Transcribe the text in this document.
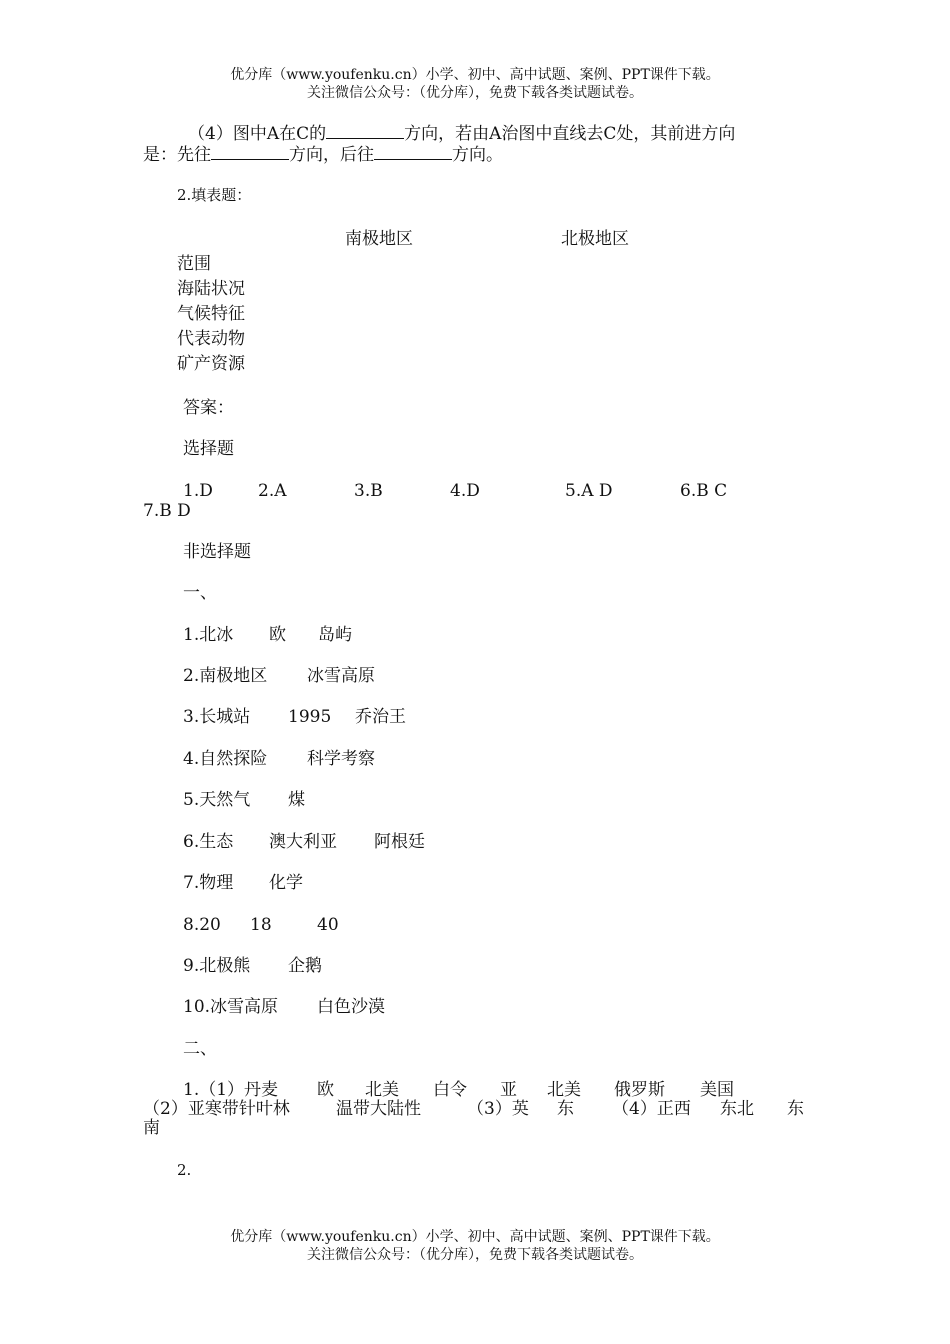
优分库（www.youfenku.cn）小学、初中、高中试题、案例、PPT课件下载。
关注微信公众号：（优分库），免费下载各类试题试卷。
（4）图中A在C的	方向，若由A治图中直线去C处，其前进方向
是：先往	方向，后往	方向。
2.填表题：
南极地区	北极地区
范围
海陆状况
气候特征
代表动物
矿产资源
答案：
选择题
1.D	2.A	3.B	4.D	5.A D	6.B C
7.B D
非选择题
一、
1.北冰 欧 岛屿
2.南极地区 冰雪高原
3.长城站 1995 乔治王
4.自然探险 科学考察
5.天然气 煤
6.生态 澳大利亚 阿根廷
7.物理 化学
8.20 18	40
9.北极熊 企鹅
10.冰雪高原 白色沙漠
二、
1.（1）丹麦 欧 北美 白令 亚 北美 俄罗斯 美国
（2）亚寒带针叶林	温带大陆性	（3）英 东 （4）正西 东北 东
南
2.
优分库（www.youfenku.cn）小学、初中、高中试题、案例、PPT课件下载。
关注微信公众号：（优分库），免费下载各类试题试卷。
